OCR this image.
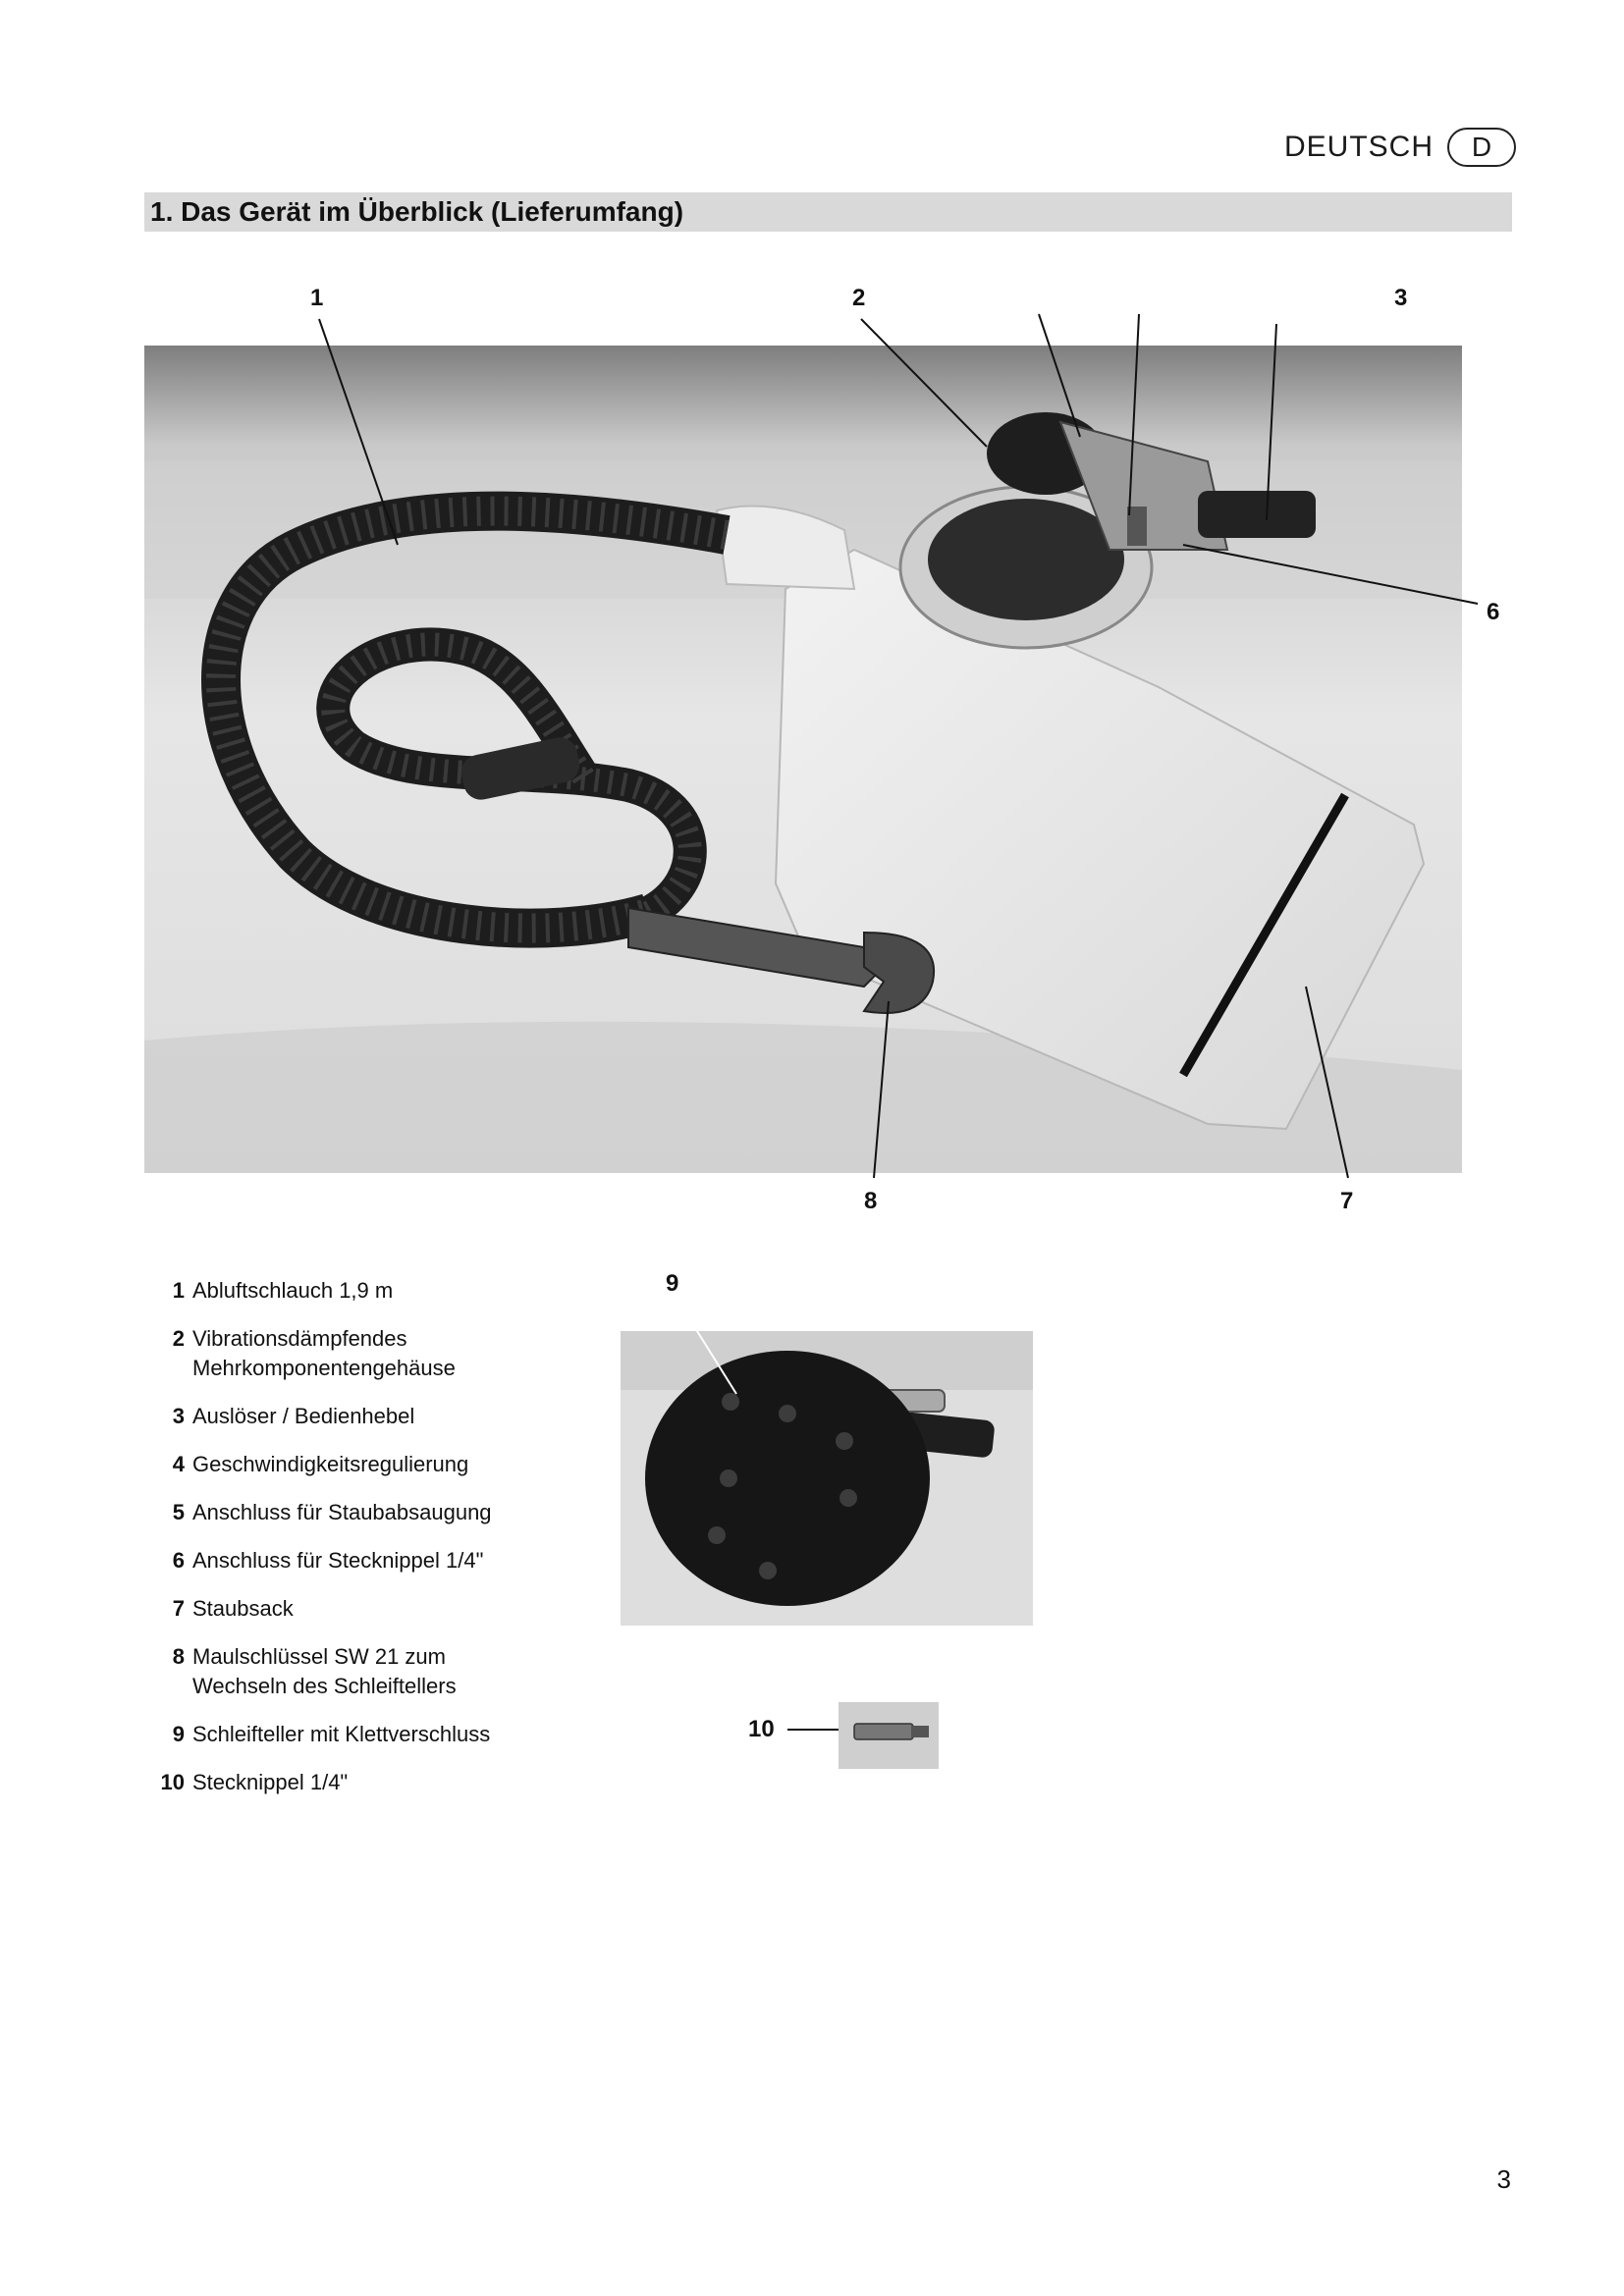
DEUTSCH	D
1. Das Gerät im Überblick (Lieferumfang)
1	2	3
6
8	7
9
10
1 Abluftschlauch 1,9 m
2 Vibrationsdämpfendes
Mehrkomponentengehäuse
3 Auslöser / Bedienhebel
4 Geschwindigkeitsregulierung
5 Anschluss für Staubabsaugung
6 Anschluss für Stecknippel 1/4"
7 Staubsack
8 Maulschlüssel SW 21 zum
Wechseln des Schleiftellers
9 Schleifteller mit Klettverschluss
10 Stecknippel 1/4"
3
